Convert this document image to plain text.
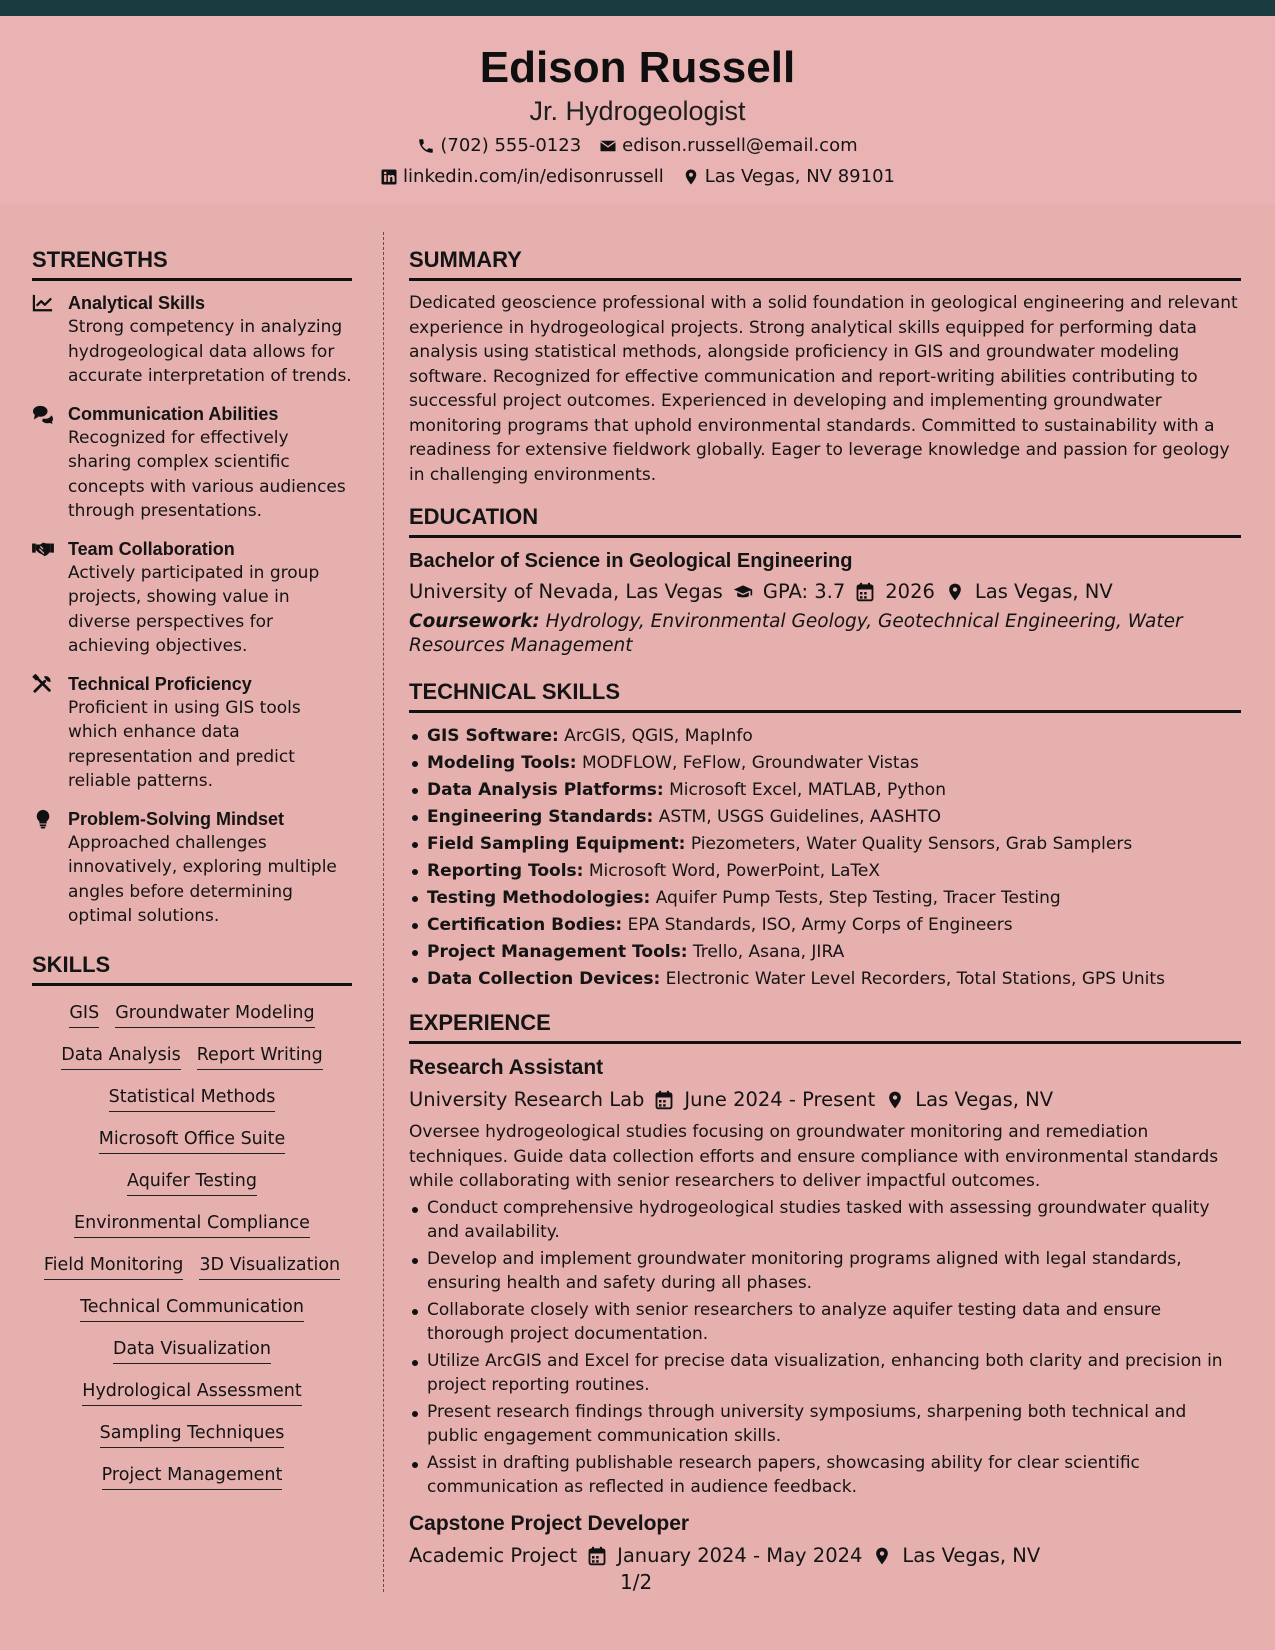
Edison Russell
Jr. Hydrogeologist
(702) 555-0123 edison.russell@email.com
linkedin.com/in/edisonrussell Las Vegas, NV 89101
STRENGTHS
Analytical Skills
Strong competency in analyzing hydrogeological data allows for accurate interpretation of trends.
Communication Abilities
Recognized for effectively sharing complex scientific concepts with various audiences through presentations.
Team Collaboration
Actively participated in group projects, showing value in diverse perspectives for achieving objectives.
Technical Proficiency
Proficient in using GIS tools which enhance data representation and predict reliable patterns.
Problem-Solving Mindset
Approached challenges innovatively, exploring multiple angles before determining optimal solutions.
SKILLS
GIS Groundwater Modeling
Data Analysis Report Writing
Statistical Methods
Microsoft Office Suite
Aquifer Testing
Environmental Compliance
Field Monitoring 3D Visualization
Technical Communication
Data Visualization
Hydrological Assessment
Sampling Techniques
Project Management
SUMMARY
Dedicated geoscience professional with a solid foundation in geological engineering and relevant experience in hydrogeological projects. Strong analytical skills equipped for performing data analysis using statistical methods, alongside proficiency in GIS and groundwater modeling software. Recognized for effective communication and report-writing abilities contributing to successful project outcomes. Experienced in developing and implementing groundwater monitoring programs that uphold environmental standards. Committed to sustainability with a readiness for extensive fieldwork globally. Eager to leverage knowledge and passion for geology in challenging environments.
EDUCATION
Bachelor of Science in Geological Engineering
University of Nevada, Las Vegas GPA: 3.7 2026 Las Vegas, NV
Coursework: Hydrology, Environmental Geology, Geotechnical Engineering, Water Resources Management
TECHNICAL SKILLS
GIS Software: ArcGIS, QGIS, MapInfo
Modeling Tools: MODFLOW, FeFlow, Groundwater Vistas
Data Analysis Platforms: Microsoft Excel, MATLAB, Python
Engineering Standards: ASTM, USGS Guidelines, AASHTO
Field Sampling Equipment: Piezometers, Water Quality Sensors, Grab Samplers
Reporting Tools: Microsoft Word, PowerPoint, LaTeX
Testing Methodologies: Aquifer Pump Tests, Step Testing, Tracer Testing
Certification Bodies: EPA Standards, ISO, Army Corps of Engineers
Project Management Tools: Trello, Asana, JIRA
Data Collection Devices: Electronic Water Level Recorders, Total Stations, GPS Units
EXPERIENCE
Research Assistant
University Research Lab June 2024 - Present Las Vegas, NV
Oversee hydrogeological studies focusing on groundwater monitoring and remediation techniques. Guide data collection efforts and ensure compliance with environmental standards while collaborating with senior researchers to deliver impactful outcomes.
Conduct comprehensive hydrogeological studies tasked with assessing groundwater quality and availability.
Develop and implement groundwater monitoring programs aligned with legal standards, ensuring health and safety during all phases.
Collaborate closely with senior researchers to analyze aquifer testing data and ensure thorough project documentation.
Utilize ArcGIS and Excel for precise data visualization, enhancing both clarity and precision in project reporting routines.
Present research findings through university symposiums, sharpening both technical and public engagement communication skills.
Assist in drafting publishable research papers, showcasing ability for clear scientific communication as reflected in audience feedback.
Capstone Project Developer
Academic Project January 2024 - May 2024 Las Vegas, NV
1/2
